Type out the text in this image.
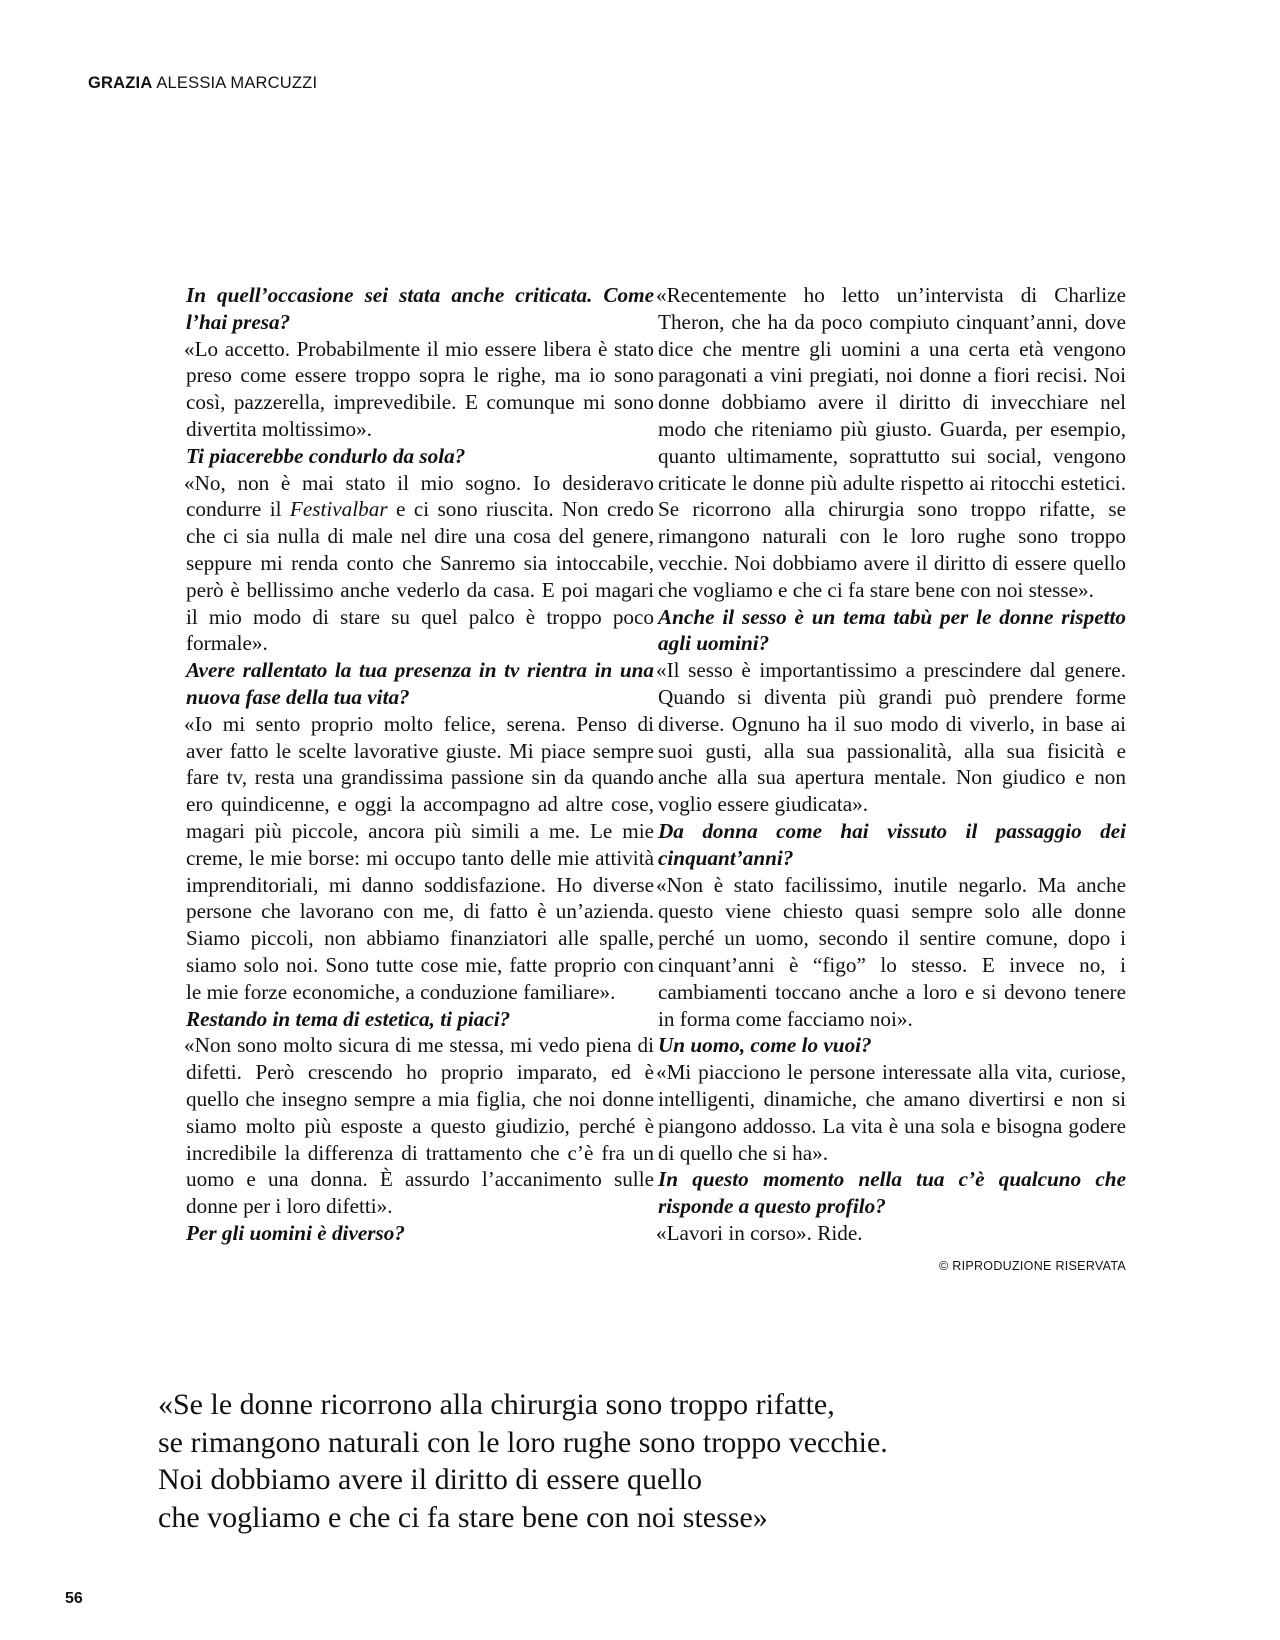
GRAZIA ALESSIA MARCUZZI

In quell’occasione sei stata anche criticata. Come l’hai presa?

«Lo accetto. Probabilmente il mio essere libera è stato preso come essere troppo sopra le righe, ma io sono così, pazzerella, imprevedibile. E comunque mi sono divertita moltissimo».

Ti piacerebbe condurlo da sola?

«No, non è mai stato il mio sogno. Io desideravo condurre il Festivalbar e ci sono riuscita. Non credo che ci sia nulla di male nel dire una cosa del genere, seppure mi renda conto che Sanremo sia intoccabile, però è bellissimo anche vederlo da casa. E poi magari il mio modo di stare su quel palco è troppo poco formale».

Avere rallentato la tua presenza in tv rientra in una nuova fase della tua vita?

«Io mi sento proprio molto felice, serena. Penso di aver fatto le scelte lavorative giuste. Mi piace sempre fare tv, resta una grandissima passione sin da quando ero quindicenne, e oggi la accompagno ad altre cose, magari più piccole, ancora più simili a me. Le mie creme, le mie borse: mi occupo tanto delle mie attività imprenditoriali, mi danno soddisfazione. Ho diverse persone che lavorano con me, di fatto è un’azienda. Siamo piccoli, non abbiamo finanziatori alle spalle, siamo solo noi. Sono tutte cose mie, fatte proprio con le mie forze economiche, a conduzione familiare».

Restando in tema di estetica, ti piaci?

«Non sono molto sicura di me stessa, mi vedo piena di difetti. Però crescendo ho proprio imparato, ed è quello che insegno sempre a mia figlia, che noi donne siamo molto più esposte a questo giudizio, perché è incredibile la differenza di trattamento che c’è fra un uomo e una donna. È assurdo l’accanimento sulle donne per i loro difetti».

Per gli uomini è diverso?

«Recentemente ho letto un’intervista di Charlize Theron, che ha da poco compiuto cinquant’anni, dove dice che mentre gli uomini a una certa età vengono paragonati a vini pregiati, noi donne a fiori recisi. Noi donne dobbiamo avere il diritto di invecchiare nel modo che riteniamo più giusto. Guarda, per esempio, quanto ultimamente, soprattutto sui social, vengono criticate le donne più adulte rispetto ai ritocchi estetici. Se ricorrono alla chirurgia sono troppo rifatte, se rimangono naturali con le loro rughe sono troppo vecchie. Noi dobbiamo avere il diritto di essere quello che vogliamo e che ci fa stare bene con noi stesse».

Anche il sesso è un tema tabù per le donne rispetto agli uomini?

«Il sesso è importantissimo a prescindere dal genere. Quando si diventa più grandi può prendere forme diverse. Ognuno ha il suo modo di viverlo, in base ai suoi gusti, alla sua passionalità, alla sua fisicità e anche alla sua apertura mentale. Non giudico e non voglio essere giudicata».

Da donna come hai vissuto il passaggio dei cinquant’anni?

«Non è stato facilissimo, inutile negarlo. Ma anche questo viene chiesto quasi sempre solo alle donne perché un uomo, secondo il sentire comune, dopo i cinquant’anni è “figo” lo stesso. E invece no, i cambiamenti toccano anche a loro e si devono tenere in forma come facciamo noi».

Un uomo, come lo vuoi?

«Mi piacciono le persone interessate alla vita, curiose, intelligenti, dinamiche, che amano divertirsi e non si piangono addosso. La vita è una sola e bisogna godere di quello che si ha».

In questo momento nella tua c’è qualcuno che risponde a questo profilo?

«Lavori in corso». Ride.

© RIPRODUZIONE RISERVATA
«Se le donne ricorrono alla chirurgia sono troppo rifatte,
se rimangono naturali con le loro rughe sono troppo vecchie.
Noi dobbiamo avere il diritto di essere quello
che vogliamo e che ci fa stare bene con noi stesse»
56
